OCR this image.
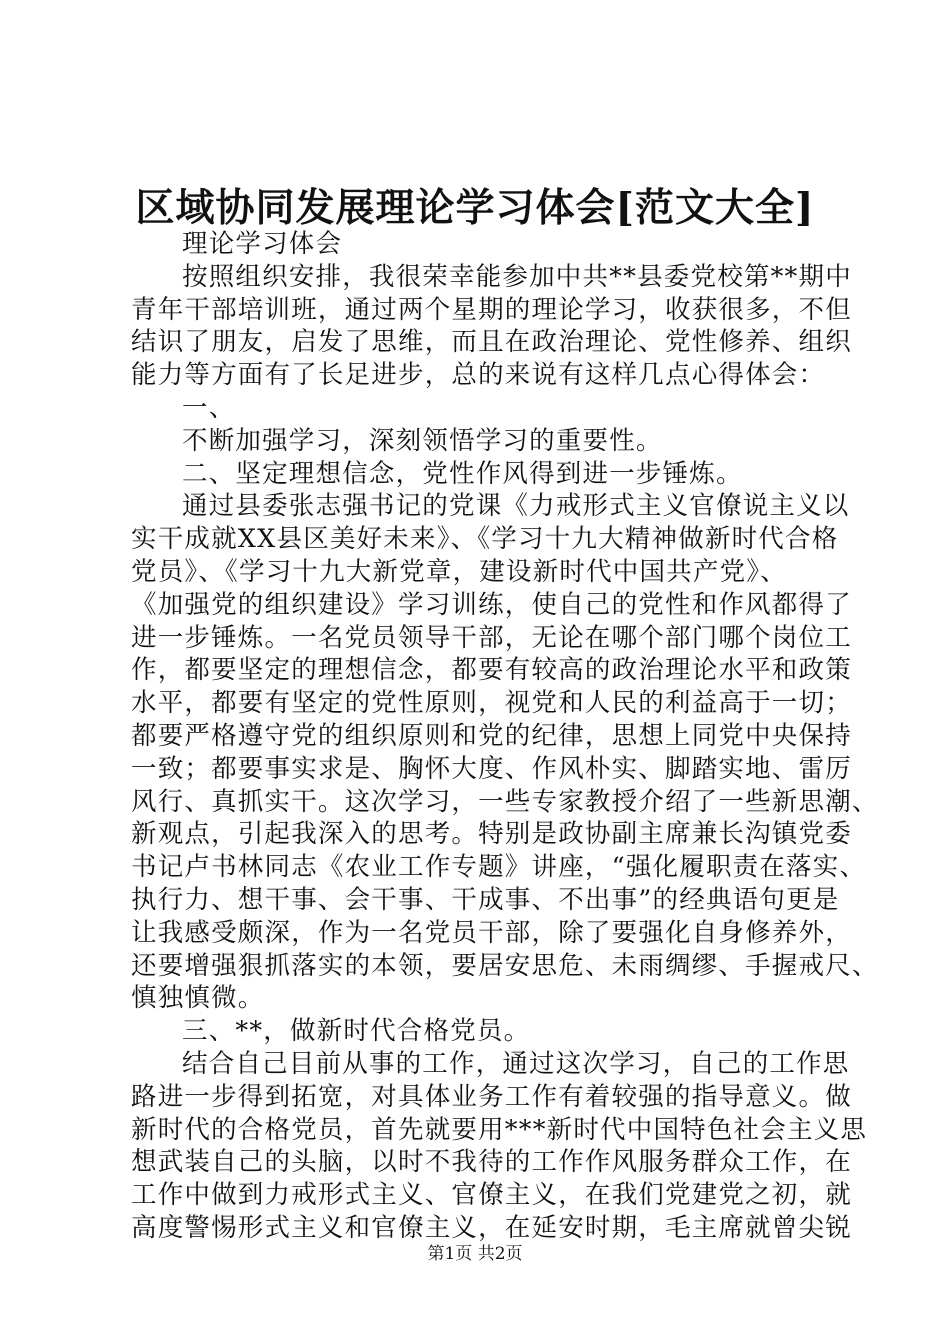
区域协同发展理论学习体会[范文大全]
理论学习体会
按照组织安排，我很荣幸能参加中共**县委党校第**期中
青年干部培训班，通过两个星期的理论学习，收获很多，不但
结识了朋友，启发了思维，而且在政治理论、党性修养、组织
能力等方面有了长足进步，总的来说有这样几点心得体会：
一、
不断加强学习，深刻领悟学习的重要性。
二、坚定理想信念，党性作风得到进一步锤炼。
通过县委张志强书记的党课《力戒形式主义官僚说主义以
实干成就XX县区美好未来》、《学习十九大精神做新时代合格
党员》、《学习十九大新党章，建设新时代中国共产党》、
《加强党的组织建设》学习训练，使自己的党性和作风都得了
进一步锤炼。一名党员领导干部，无论在哪个部门哪个岗位工
作，都要坚定的理想信念，都要有较高的政治理论水平和政策
水平，都要有坚定的党性原则，视党和人民的利益高于一切；
都要严格遵守党的组织原则和党的纪律，思想上同党中央保持
一致；都要事实求是、胸怀大度、作风朴实、脚踏实地、雷厉
风行、真抓实干。这次学习，一些专家教授介绍了一些新思潮、
新观点，引起我深入的思考。特别是政协副主席兼长沟镇党委
书记卢书林同志《农业工作专题》讲座，“强化履职责在落实、
执行力、想干事、会干事、干成事、不出事”的经典语句更是
让我感受颇深，作为一名党员干部，除了要强化自身修养外，
还要增强狠抓落实的本领，要居安思危、未雨绸缪、手握戒尺、
慎独慎微。
三、**，做新时代合格党员。
结合自己目前从事的工作，通过这次学习，自己的工作思
路进一步得到拓宽，对具体业务工作有着较强的指导意义。做
新时代的合格党员，首先就要用***新时代中国特色社会主义思
想武装自己的头脑，以时不我待的工作作风服务群众工作，在
工作中做到力戒形式主义、官僚主义，在我们党建党之初，就
高度警惕形式主义和官僚主义，在延安时期，毛主席就曾尖锐
第1页 共2页
